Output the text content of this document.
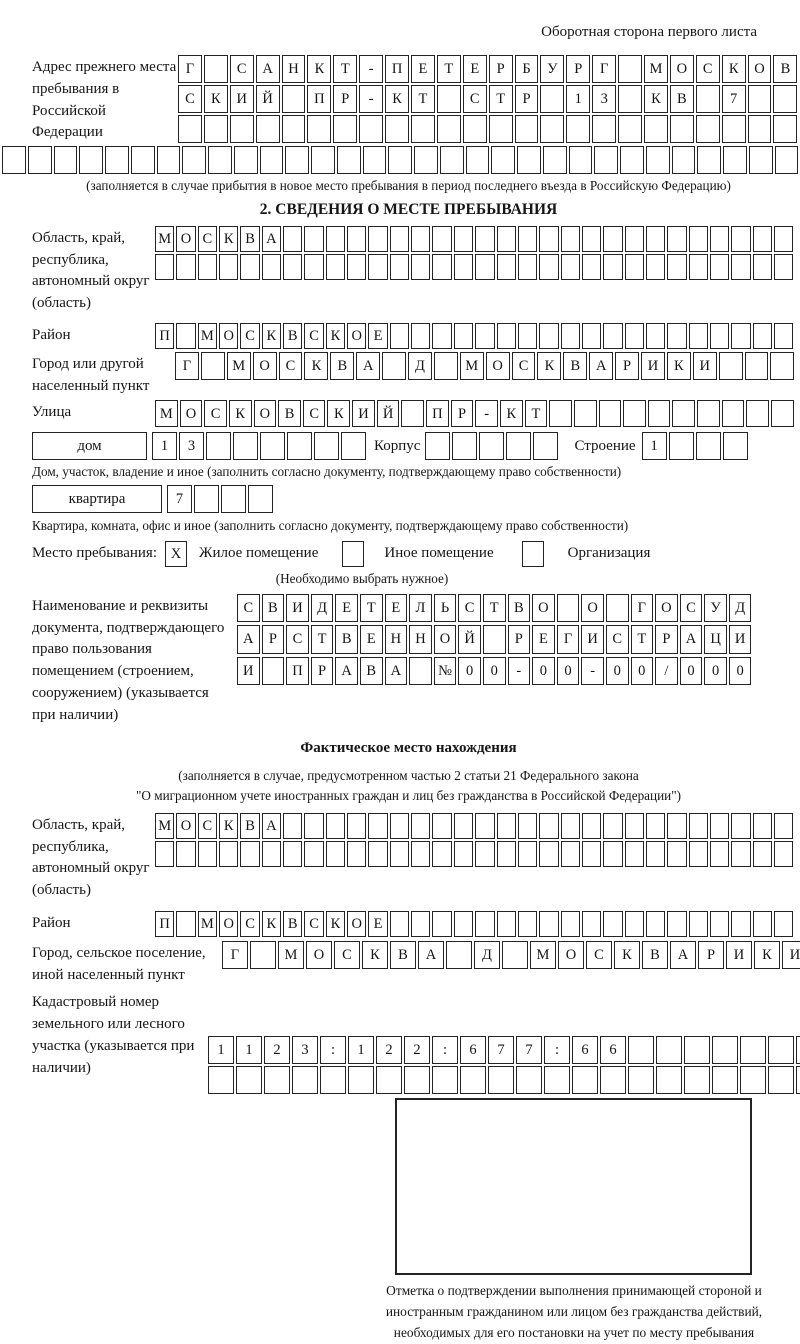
Оборотная сторона первого листа
Адрес прежнего места пребывания в Российской Федерации
Г	С	А	Н	К	Т	-	П	Е	Т	Е	Р	Б	У	Р	Г	М О	С	К	О	В
С	К	И	Й	П	Р	-	К	Т	С	Т	Р	1	3	К	В	7
(заполняется в случае прибытия в новое место пребывания в период последнего въезда в Российскую Федерацию)
2. СВЕДЕНИЯ О МЕСТЕ ПРЕБЫВАНИЯ
Область, край, республика, автономный округ (область)
М О С К В А
Район	П	М О С К В С К О Е
Город или другой населенный пункт
Г	М О	С	К	В	А	Д	М О	С	К	В	А	Р	И	К	И
Улица	М О	С	К	О	В	С	К	И Й	П	Р	-	К	Т
дом	1	3	Корпус	Строение	1
Дом, участок, владение и иное (заполнить согласно документу, подтверждающему право собственности)
квартира	7
Квартира, комната, офис и иное (заполнить согласно документу, подтверждающему право собственности)
Место пребывания: X	Жилое помещение	Иное помещение	Организация
(Необходимо выбрать нужное)
Наименование и реквизиты документа, подтверждающего право пользования помещением (строением, сооружением) (указывается при наличии)
С	В	И Д	Е	Т	Е	Л	Ь	С	Т	В	О	О	Г	О	С	У	Д
А	Р	С	Т	В	Е	Н Н О Й	Р	Е	Г	И	С	Т	Р	А Ц И
И	П	Р	А	В	А	№ 0	0	-	0	0	-	0	0	/	0	0	0
Фактическое место нахождения
(заполняется в случае, предусмотренном частью 2 статьи 21 Федерального закона
"О миграционном учете иностранных граждан и лиц без гражданства в Российской Федерации")
Область, край, республика, автономный округ (область)
М О С К В А
Район	П	М О С К В С К О Е
Город, сельское поселение, иной населенный пункт
Г	М	О	С	К	В	А	Д	М	О	С	К	В	А	Р	И	К	И
Кадастровый номер земельного или лесного участка (указывается при наличии)
1	1	2	3	:	1	2	2	:	6	7	7	:	6	6
Отметка о подтверждении выполнения принимающей стороной и иностранным гражданином или лицом без гражданства действий, необходимых для его постановки на учет по месту пребывания
